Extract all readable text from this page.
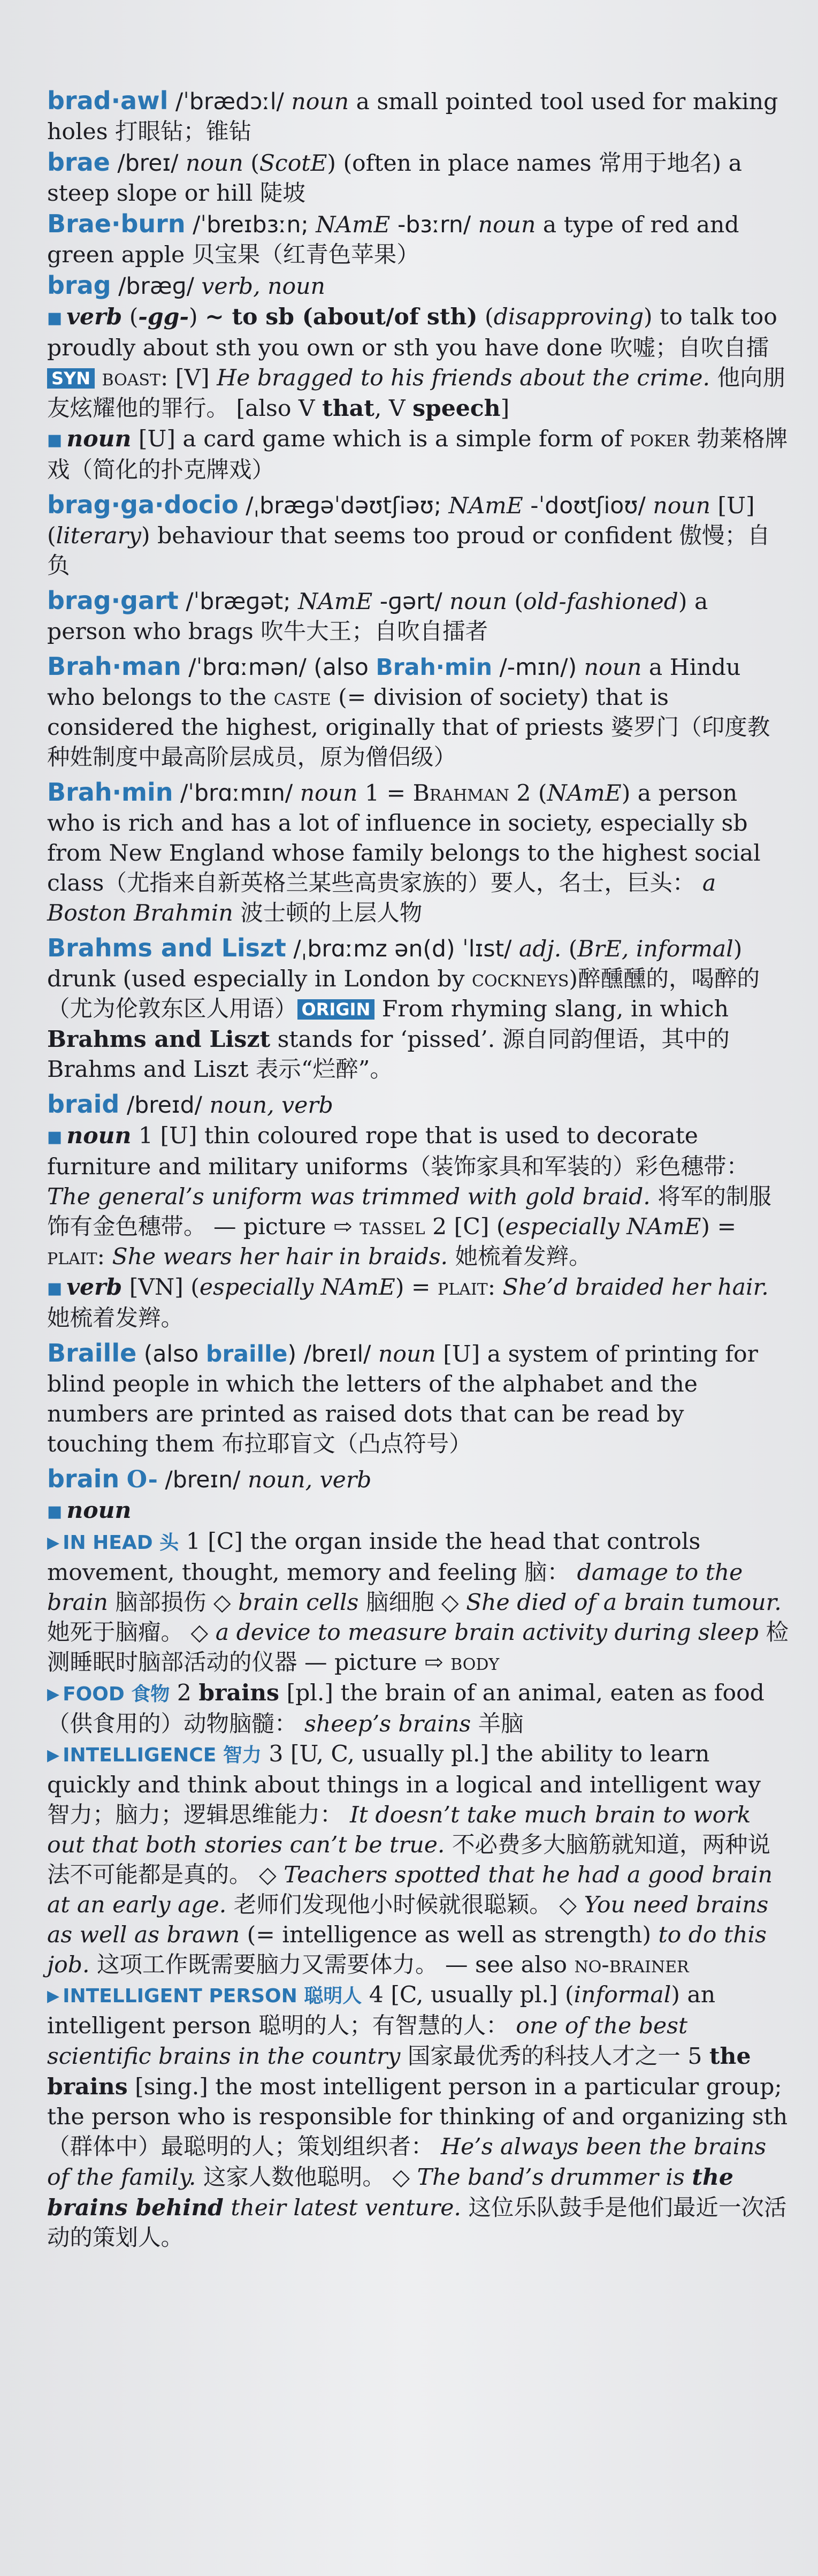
brad·awl /ˈbrædɔːl/ noun a small pointed tool used for making holes 打眼钻；锥钻

brae /breɪ/ noun (ScotE) (often in place names 常用于地名) a steep slope or hill 陡坡

Brae·burn /ˈbreɪbɜːn; NAmE -bɜːrn/ noun a type of red and green apple 贝宝果（红青色苹果）

brag /bræɡ/ verb, noun

■ verb (-gg-) ~ to sb (about/of sth) (disapproving) to talk too proudly about sth you own or sth you have done 吹嘘；自吹自擂 SYN boast: [V] He bragged to his friends about the crime. 他向朋友炫耀他的罪行。 [also V that, V speech]

■ noun [U] a card game which is a simple form of poker 勃莱格牌戏（简化的扑克牌戏）

brag·ga·docio /ˌbræɡəˈdəʊtʃiəʊ; NAmE -ˈdoʊtʃioʊ/ noun [U] (literary) behaviour that seems too proud or confident 傲慢；自负

brag·gart /ˈbræɡət; NAmE -ɡərt/ noun (old-fashioned) a person who brags 吹牛大王；自吹自擂者

Brah·man /ˈbrɑːmən/ (also Brah·min /-mɪn/) noun a Hindu who belongs to the caste (= division of society) that is considered the highest, originally that of priests 婆罗门（印度教种姓制度中最高阶层成员，原为僧侣级）

Brah·min /ˈbrɑːmɪn/ noun 1 = Brahman 2 (NAmE) a person who is rich and has a lot of influence in society, especially sb from New England whose family belongs to the highest social class（尤指来自新英格兰某些高贵家族的）要人，名士，巨头： a Boston Brahmin 波士顿的上层人物

Brahms and Liszt /ˌbrɑːmz ən(d) ˈlɪst/ adj. (BrE, informal) drunk (used especially in London by cockneys)醉醺醺的，喝醉的（尤为伦敦东区人用语） ORIGIN From rhyming slang, in which Brahms and Liszt stands for ‘pissed’. 源自同韵俚语，其中的 Brahms and Liszt 表示“烂醉”。

braid /breɪd/ noun, verb

■ noun 1 [U] thin coloured rope that is used to decorate furniture and military uniforms（装饰家具和军装的）彩色穗带： The general’s uniform was trimmed with gold braid. 将军的制服饰有金色穗带。 — picture ⇨ tassel 2 [C] (especially NAmE) = plait: She wears her hair in braids. 她梳着发辫。

■ verb [VN] (especially NAmE) = plait: She’d braided her hair. 她梳着发辫。

Braille (also braille) /breɪl/ noun [U] a system of printing for blind people in which the letters of the alphabet and the numbers are printed as raised dots that can be read by touching them 布拉耶盲文（凸点符号）

brain O- /breɪn/ noun, verb

■ noun

▶ IN HEAD 头 1 [C] the organ inside the head that controls movement, thought, memory and feeling 脑： damage to the brain 脑部损伤 ◇ brain cells 脑细胞 ◇ She died of a brain tumour. 她死于脑瘤。 ◇ a device to measure brain activity during sleep 检测睡眠时脑部活动的仪器 — picture ⇨ body

▶ FOOD 食物 2 brains [pl.] the brain of an animal, eaten as food（供食用的）动物脑髓： sheep’s brains 羊脑

▶ INTELLIGENCE 智力 3 [U, C, usually pl.] the ability to learn quickly and think about things in a logical and intelligent way 智力；脑力；逻辑思维能力： It doesn’t take much brain to work out that both stories can’t be true. 不必费多大脑筋就知道，两种说法不可能都是真的。 ◇ Teachers spotted that he had a good brain at an early age. 老师们发现他小时候就很聪颖。 ◇ You need brains as well as brawn (= intelligence as well as strength) to do this job. 这项工作既需要脑力又需要体力。 — see also no-brainer

▶ INTELLIGENT PERSON 聪明人 4 [C, usually pl.] (informal) an intelligent person 聪明的人；有智慧的人： one of the best scientific brains in the country 国家最优秀的科技人才之一 5 the brains [sing.] the most intelligent person in a particular group; the person who is responsible for thinking of and organizing sth（群体中）最聪明的人；策划组织者： He’s always been the brains of the family. 这家人数他聪明。 ◇ The band’s drummer is the brains behind their latest venture. 这位乐队鼓手是他们最近一次活动的策划人。
